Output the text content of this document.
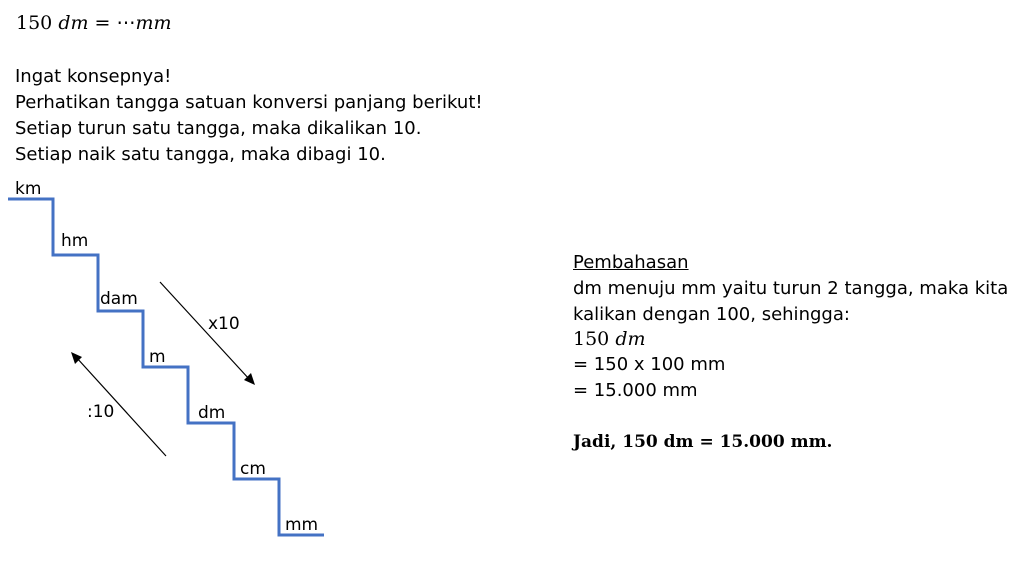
150 dm = ⋯mm
Ingat konsepnya!
Perhatikan tangga satuan konversi panjang berikut!
Setiap turun satu tangga, maka dikalikan 10.
Setiap naik satu tangga, maka dibagi 10.
km
hm
dam
m
dm
cm
mm
x10
:10
Pembahasan
dm menuju mm yaitu turun 2 tangga, maka kita
kalikan dengan 100, sehingga:
150 dm
= 150 x 100 mm
= 15.000 mm
Jadi, 150 dm = 15.000 mm.
